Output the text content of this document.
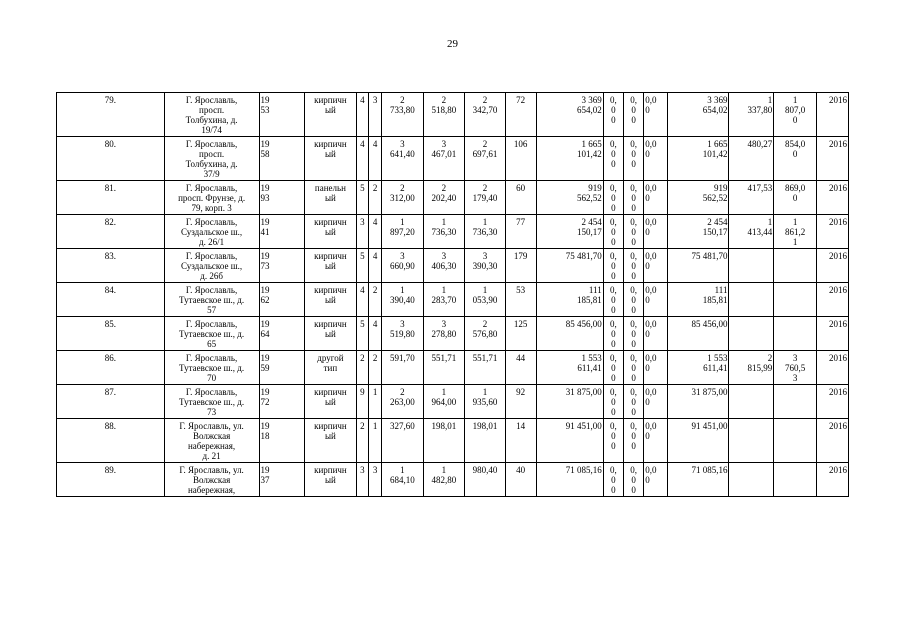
29
79.	Г. Ярославль,
просп.
Толбухина, д.
19/74	19
53	кирпичн
ый	4	3	2
733,80	2
518,80	2
342,70	72	3 369
654,02	0,
0
0	0,
0
0	0,0
0	3 369
654,02	1
337,80	1
807,0
0	2016
80.	Г. Ярославль,
просп.
Толбухина, д.
37/9	19
58	кирпичн
ый	4	4	3
641,40	3
467,01	2
697,61	106	1 665
101,42	0,
0
0	0,
0
0	0,0
0	1 665
101,42	480,27	854,0
0	2016
81.	Г. Ярославль,
просп. Фрунзе, д.
79, корп. 3	19
93	панельн
ый	5	2	2
312,00	2
202,40	2
179,40	60	919
562,52	0,
0
0	0,
0
0	0,0
0	919
562,52	417,53	869,0
0	2016
82.	Г. Ярославль,
Суздальское ш.,
д. 26/1	19
41	кирпичн
ый	3	4	1
897,20	1
736,30	1
736,30	77	2 454
150,17	0,
0
0	0,
0
0	0,0
0	2 454
150,17	1
413,44	1
861,2
1	2016
83.	Г. Ярославль,
Суздальское ш.,
д. 26б	19
73	кирпичн
ый	5	4	3
660,90	3
406,30	3
390,30	179	75 481,70	0,
0
0	0,
0
0	0,0
0	75 481,70			2016
84.	Г. Ярославль,
Тутаевское ш., д.
57	19
62	кирпичн
ый	4	2	1
390,40	1
283,70	1
053,90	53	111
185,81	0,
0
0	0,
0
0	0,0
0	111
185,81			2016
85.	Г. Ярославль,
Тутаевское ш., д.
65	19
64	кирпичн
ый	5	4	3
519,80	3
278,80	2
576,80	125	85 456,00	0,
0
0	0,
0
0	0,0
0	85 456,00			2016
86.	Г. Ярославль,
Тутаевское ш., д.
70	19
59	другой
тип	2	2	591,70	551,71	551,71	44	1 553
611,41	0,
0
0	0,
0
0	0,0
0	1 553
611,41	2
815,99	3
760,5
3	2016
87.	Г. Ярославль,
Тутаевское ш., д.
73	19
72	кирпичн
ый	9	1	2
263,00	1
964,00	1
935,60	92	31 875,00	0,
0
0	0,
0
0	0,0
0	31 875,00			2016
88.	Г. Ярославль, ул.
Волжская
набережная,
д. 21	19
18	кирпичн
ый	2	1	327,60	198,01	198,01	14	91 451,00	0,
0
0	0,
0
0	0,0
0	91 451,00			2016
89.	Г. Ярославль, ул.
Волжская
набережная,	19
37	кирпичн
ый	3	3	1
684,10	1
482,80	980,40	40	71 085,16	0,
0
0	0,
0
0	0,0
0	71 085,16			2016
